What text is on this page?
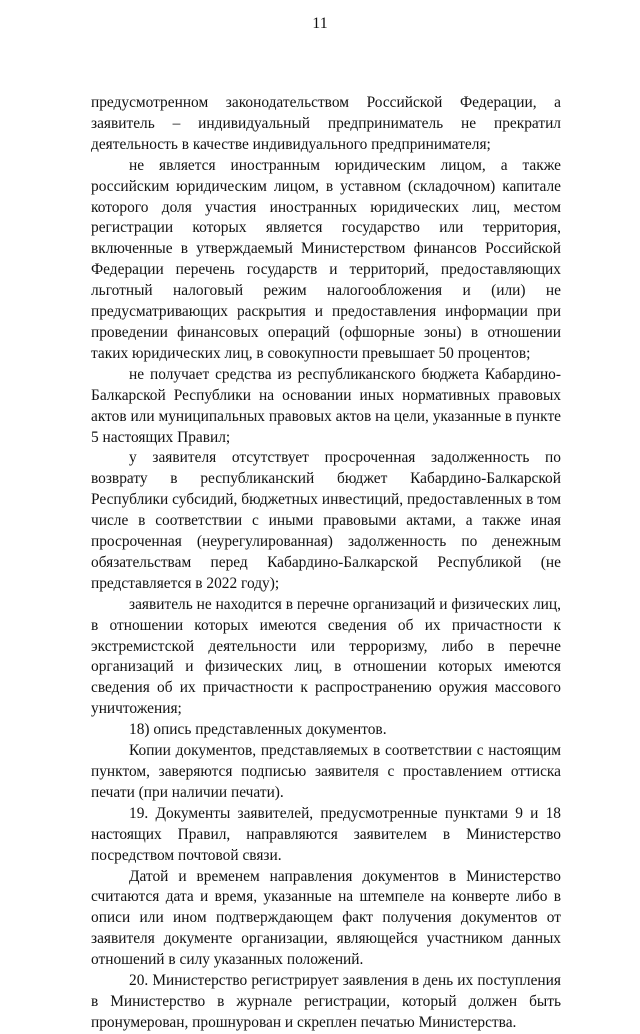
11

предусмотренном законодательством Российской Федерации, а заявитель – индивидуальный предприниматель не прекратил деятельность в качестве индивидуального предпринимателя;

не является иностранным юридическим лицом, а также российским юридическим лицом, в уставном (складочном) капитале которого доля участия иностранных юридических лиц, местом регистрации которых является государство или территория, включенные в утверждаемый Министерством финансов Российской Федерации перечень государств и территорий, предоставляющих льготный налоговый режим налогообложения и (или) не предусматривающих раскрытия и предоставления информации при проведении финансовых операций (офшорные зоны) в отношении таких юридических лиц, в совокупности превышает 50 процентов;

не получает средства из республиканского бюджета Кабардино-Балкарской Республики на основании иных нормативных правовых актов или муниципальных правовых актов на цели, указанные в пункте 5 настоящих Правил;

у заявителя отсутствует просроченная задолженность по возврату в республиканский бюджет Кабардино-Балкарской Республики субсидий, бюджетных инвестиций, предоставленных в том числе в соответствии с иными правовыми актами, а также иная просроченная (неурегулированная) задолженность по денежным обязательствам перед Кабардино-Балкарской Республикой (не представляется в 2022 году);

заявитель не находится в перечне организаций и физических лиц, в отношении которых имеются сведения об их причастности к экстремистской деятельности или терроризму, либо в перечне организаций и физических лиц, в отношении которых имеются сведения об их причастности к распространению оружия массового уничтожения;

18) опись представленных документов.

Копии документов, представляемых в соответствии с настоящим пунктом, заверяются подписью заявителя с проставлением оттиска печати (при наличии печати).

19. Документы заявителей, предусмотренные пунктами 9 и 18 настоящих Правил, направляются заявителем в Министерство посредством почтовой связи.

Датой и временем направления документов в Министерство считаются дата и время, указанные на штемпеле на конверте либо в описи или ином подтверждающем факт получения документов от заявителя документе организации, являющейся участником данных отношений в силу указанных положений.

20. Министерство регистрирует заявления в день их поступления в Министерство в журнале регистрации, который должен быть пронумерован, прошнурован и скреплен печатью Министерства.
